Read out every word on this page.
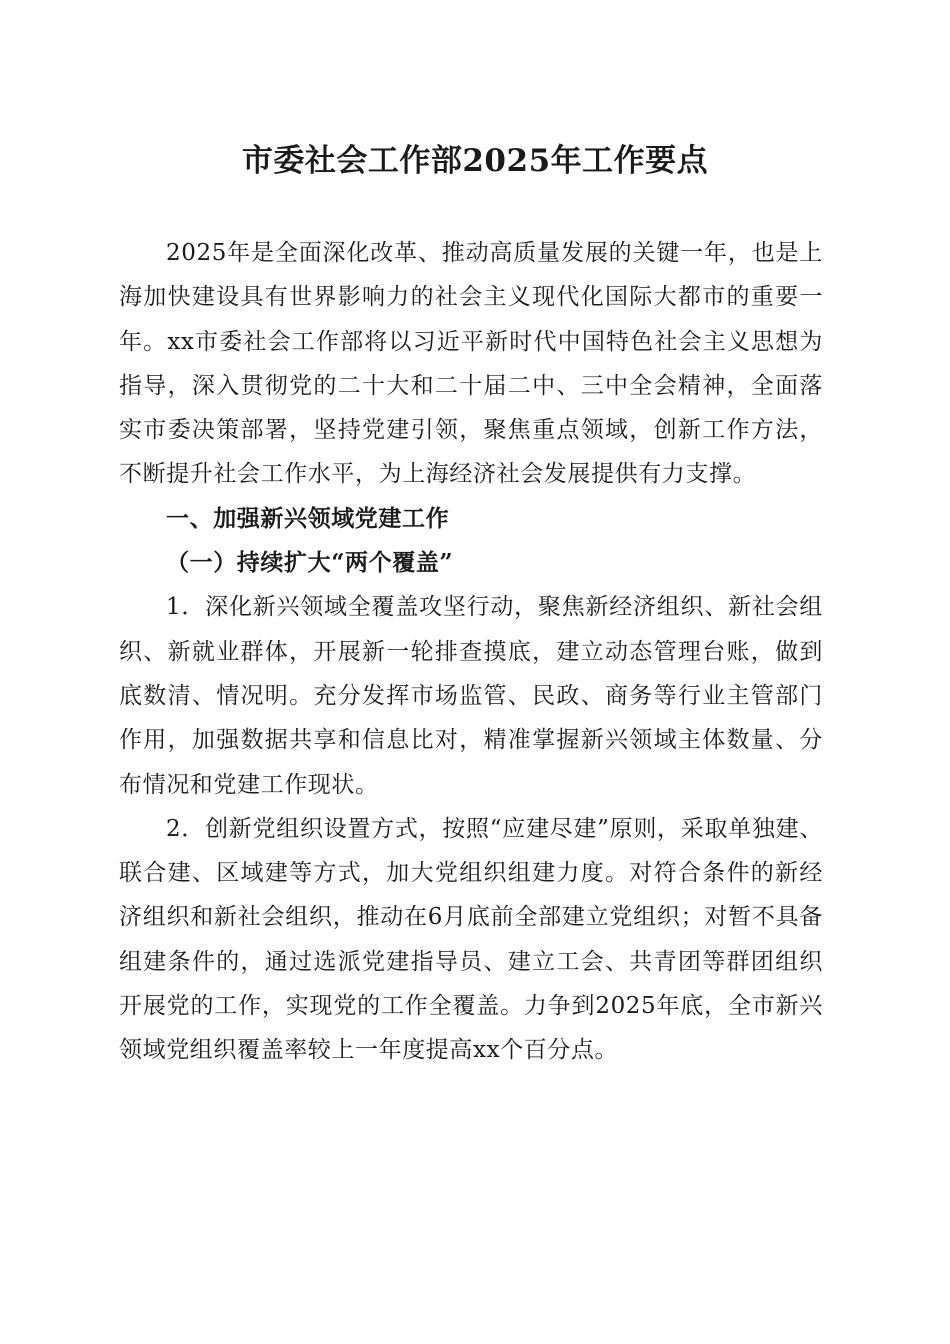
市委社会工作部2025年工作要点

2025年是全面深化改革、推动高质量发展的关键一年，也是上海加快建设具有世界影响力的社会主义现代化国际大都市的重要一年。xx市委社会工作部将以习近平新时代中国特色社会主义思想为指导，深入贯彻党的二十大和二十届二中、三中全会精神，全面落实市委决策部署，坚持党建引领，聚焦重点领域，创新工作方法，不断提升社会工作水平，为上海经济社会发展提供有力支撑。

一、加强新兴领域党建工作

（一）持续扩大“两个覆盖”

1．深化新兴领域全覆盖攻坚行动，聚焦新经济组织、新社会组织、新就业群体，开展新一轮排查摸底，建立动态管理台账，做到底数清、情况明。充分发挥市场监管、民政、商务等行业主管部门作用，加强数据共享和信息比对，精准掌握新兴领域主体数量、分布情况和党建工作现状。

2．创新党组织设置方式，按照“应建尽建”原则，采取单独建、联合建、区域建等方式，加大党组织组建力度。对符合条件的新经济组织和新社会组织，推动在6月底前全部建立党组织；对暂不具备组建条件的，通过选派党建指导员、建立工会、共青团等群团组织开展党的工作，实现党的工作全覆盖。力争到2025年底，全市新兴领域党组织覆盖率较上一年度提高xx个百分点。
